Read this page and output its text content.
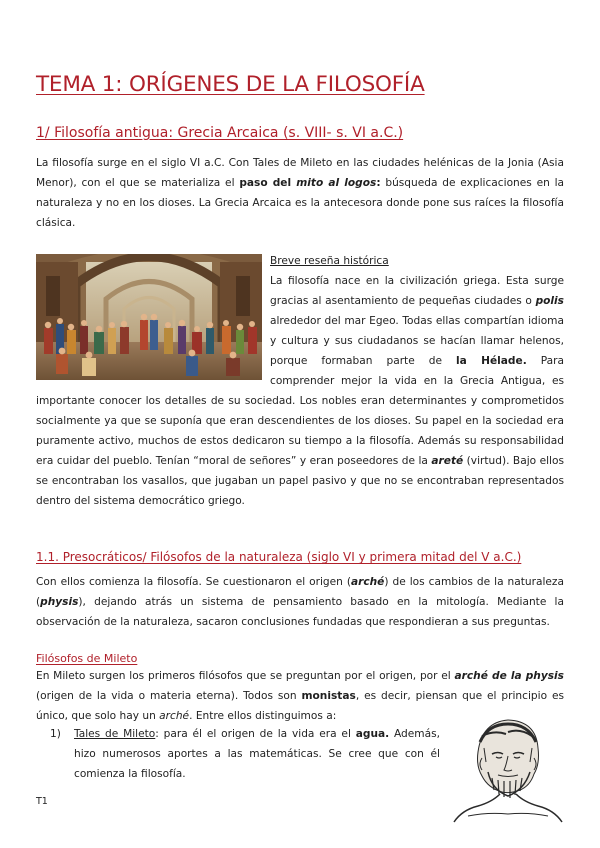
TEMA 1: ORÍGENES DE LA FILOSOFÍA
1/ Filosofía antigua: Grecia Arcaica (s. VIII- s. VI a.C.)

La filosofía surge en el siglo VI a.C. Con Tales de Mileto en las ciudades helénicas de la Jonia (Asia Menor), con el que se materializa el paso del mito al logos: búsqueda de explicaciones en la naturaleza y no en los dioses. La Grecia Arcaica es la antecesora donde pone sus raíces la filosofía clásica.

Breve reseña histórica

La filosofía nace en la civilización griega. Esta surge gracias al asentamiento de pequeñas ciudades o polis alrededor del mar Egeo. Todas ellas compartían idioma y cultura y sus ciudadanos se hacían llamar helenos, porque formaban parte de la Hélade. Para comprender mejor la vida en la Grecia Antigua, es importante conocer los detalles de su sociedad. Los nobles eran determinantes y comprometidos socialmente ya que se suponía que eran descendientes de los dioses. Su papel en la sociedad era puramente activo, muchos de estos dedicaron su tiempo a la filosofía. Además su responsabilidad era cuidar del pueblo. Tenían “moral de señores” y eran poseedores de la areté (virtud). Bajo ellos se encontraban los vasallos, que jugaban un papel pasivo y que no se encontraban representados dentro del sistema democrático griego.

1.1. Presocráticos/ Filósofos de la naturaleza (siglo VI y primera mitad del V a.C.)

Con ellos comienza la filosofía. Se cuestionaron el origen (arché) de los cambios de la naturaleza (physis), dejando atrás un sistema de pensamiento basado en la mitología. Mediante la observación de la naturaleza, sacaron conclusiones fundadas que respondieran a sus preguntas.

Filósofos de Mileto

En Mileto surgen los primeros filósofos que se preguntan por el origen, por el arché de la physis (origen de la vida o materia eterna). Todos son monistas, es decir, piensan que el principio es único, que solo hay un arché. Entre ellos distinguimos a:

1) Tales de Mileto: para él el origen de la vida era el agua. Además, hizo numerosos aportes a las matemáticas. Se cree que con él comienza la filosofía.
T1
